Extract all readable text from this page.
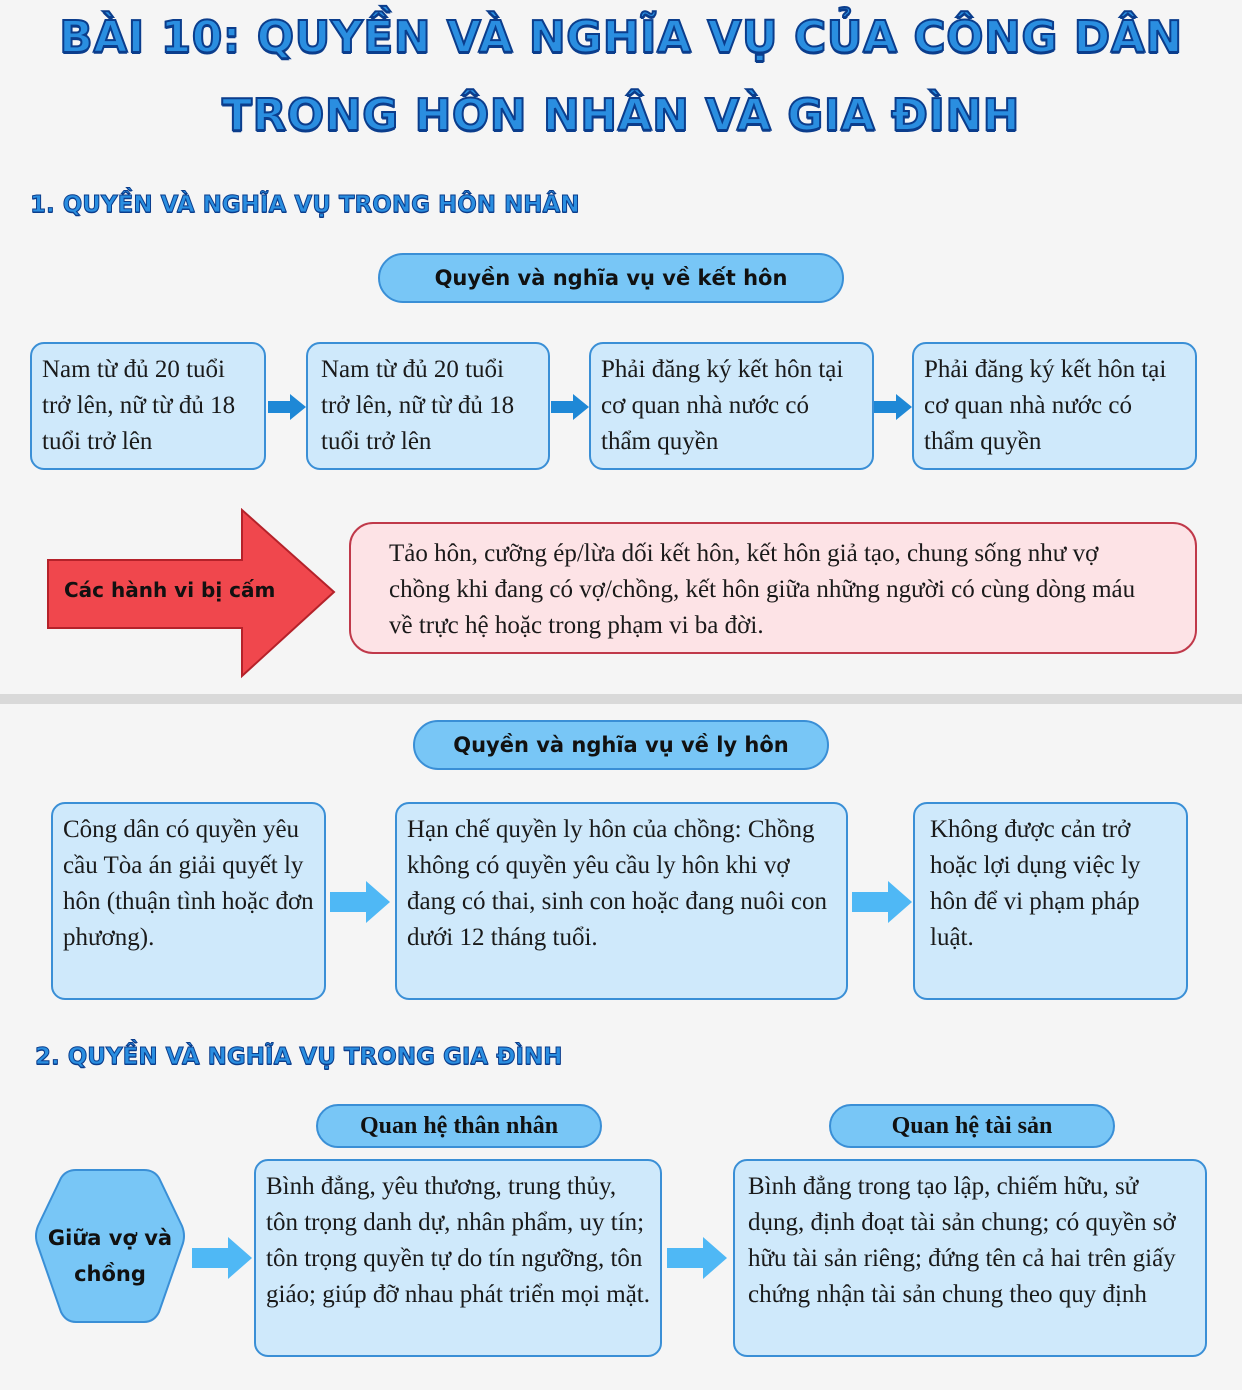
BÀI 10: QUYỀN VÀ NGHĨA VỤ CỦA CÔNG DÂN
TRONG HÔN NHÂN VÀ GIA ĐÌNH
1. QUYỀN VÀ NGHĨA VỤ TRONG HÔN NHÂN
Quyền và nghĩa vụ về kết hôn
Nam từ đủ 20 tuổi trở lên, nữ từ đủ 18 tuổi trở lên
Nam từ đủ 20 tuổi trở lên, nữ từ đủ 18 tuổi trở lên
Phải đăng ký kết hôn tại cơ quan nhà nước có thẩm quyền
Phải đăng ký kết hôn tại cơ quan nhà nước có thẩm quyền
Các hành vi bị cấm
Tảo hôn, cưỡng ép/lừa dối kết hôn, kết hôn giả tạo, chung sống như vợ chồng khi đang có vợ/chồng, kết hôn giữa những người có cùng dòng máu về trực hệ hoặc trong phạm vi ba đời.
Quyền và nghĩa vụ về ly hôn
Công dân có quyền yêu cầu Tòa án giải quyết ly hôn (thuận tình hoặc đơn phương).
Hạn chế quyền ly hôn của chồng: Chồng không có quyền yêu cầu ly hôn khi vợ đang có thai, sinh con hoặc đang nuôi con dưới 12 tháng tuổi.
Không được cản trở hoặc lợi dụng việc ly hôn để vi phạm pháp luật.
2. QUYỀN VÀ NGHĨA VỤ TRONG GIA ĐÌNH
Quan hệ thân nhân	Quan hệ tài sản
Giữa vợ và chồng
Bình đẳng, yêu thương, trung thủy, tôn trọng danh dự, nhân phẩm, uy tín; tôn trọng quyền tự do tín ngưỡng, tôn giáo; giúp đỡ nhau phát triển mọi mặt.
Bình đẳng trong tạo lập, chiếm hữu, sử dụng, định đoạt tài sản chung; có quyền sở hữu tài sản riêng; đứng tên cả hai trên giấy chứng nhận tài sản chung theo quy định
